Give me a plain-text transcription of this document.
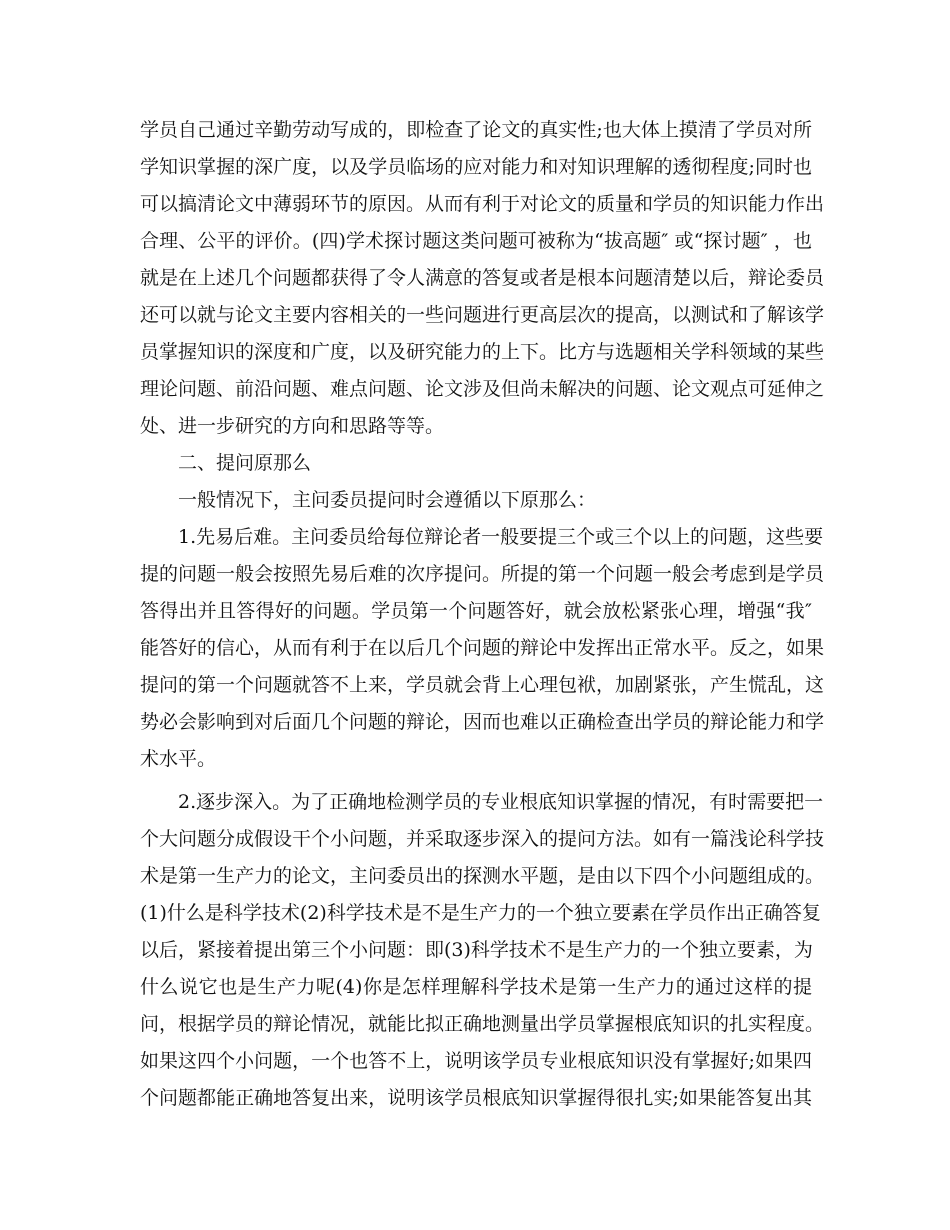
学员自己通过辛勤劳动写成的，即检查了论文的真实性;也大体上摸清了学员对所
学知识掌握的深广度，以及学员临场的应对能力和对知识理解的透彻程度;同时也
可以搞清论文中薄弱环节的原因。从而有利于对论文的质量和学员的知识能力作出
合理、公平的评价。(四)学术探讨题这类问题可被称为“拔高题″ 或“探讨题″ ，也
就是在上述几个问题都获得了令人满意的答复或者是根本问题清楚以后，辩论委员
还可以就与论文主要内容相关的一些问题进行更高层次的提高，以测试和了解该学
员掌握知识的深度和广度，以及研究能力的上下。比方与选题相关学科领域的某些
理论问题、前沿问题、难点问题、论文涉及但尚未解决的问题、论文观点可延伸之
处、进一步研究的方向和思路等等。
二、提问原那么
一般情况下，主问委员提问时会遵循以下原那么：
1.先易后难。主问委员给每位辩论者一般要提三个或三个以上的问题，这些要
提的问题一般会按照先易后难的次序提问。所提的第一个问题一般会考虑到是学员
答得出并且答得好的问题。学员第一个问题答好，就会放松紧张心理，增强“我″
能答好的信心，从而有利于在以后几个问题的辩论中发挥出正常水平。反之，如果
提问的第一个问题就答不上来，学员就会背上心理包袱，加剧紧张，产生慌乱，这
势必会影响到对后面几个问题的辩论，因而也难以正确检查出学员的辩论能力和学
术水平。
2.逐步深入。为了正确地检测学员的专业根底知识掌握的情况，有时需要把一
个大问题分成假设干个小问题，并采取逐步深入的提问方法。如有一篇浅论科学技
术是第一生产力的论文，主问委员出的探测水平题，是由以下四个小问题组成的。
(1)什么是科学技术(2)科学技术是不是生产力的一个独立要素在学员作出正确答复
以后，紧接着提出第三个小问题：即(3)科学技术不是生产力的一个独立要素，为
什么说它也是生产力呢(4)你是怎样理解科学技术是第一生产力的通过这样的提
问，根据学员的辩论情况，就能比拟正确地测量出学员掌握根底知识的扎实程度。
如果这四个小问题，一个也答不上，说明该学员专业根底知识没有掌握好;如果四
个问题都能正确地答复出来，说明该学员根底知识掌握得很扎实;如果能答复出其
